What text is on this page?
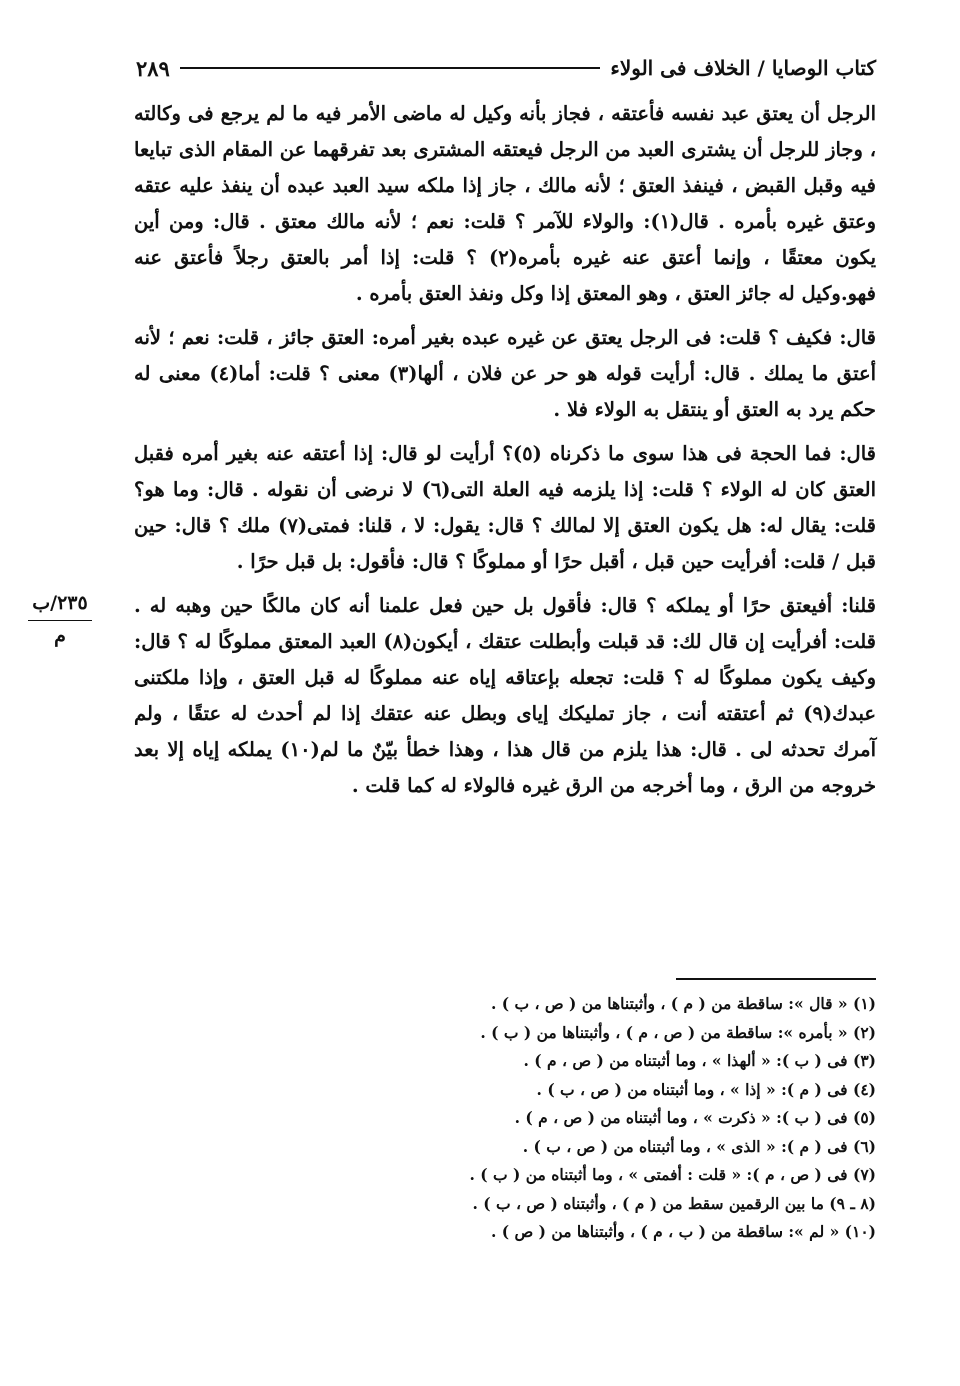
كتاب الوصايا / الخلاف فى الولاء
٢٨٩

الرجل أن يعتق عبد نفسه فأعتقه ، فجاز بأنه وكيل له ماضى الأمر فيه ما لم يرجع فى وكالته ، وجاز للرجل أن يشترى العبد من الرجل فيعتقه المشترى بعد تفرقهما عن المقام الذى تبايعا فيه وقبل القبض ، فينفذ العتق ؛ لأنه مالك ، جاز إذا ملكه سيد العبد عبده أن ينفذ عليه عتقه وعتق غيره بأمره . قال(١): والولاء للآمر ؟ قلت: نعم ؛ لأنه مالك معتق . قال: ومن أين يكون معتقًا ، وإنما أعتق عنه غيره بأمره(٢) ؟ قلت: إذا أمر بالعتق رجلاً فأعتق عنه فهو.وكيل له جائز العتق ، وهو المعتق إذا وكل ونفذ العتق بأمره .

قال: فكيف ؟ قلت: فى الرجل يعتق عن غيره عبده بغير أمره: العتق جائز ، قلت: نعم ؛ لأنه أعتق ما يملك . قال: أرأيت قوله هو حر عن فلان ، ألها(٣) معنى ؟ قلت: أما(٤) معنى له حكم يرد به العتق أو ينتقل به الولاء فلا .

قال: فما الحجة فى هذا سوى ما ذكرناه (٥)؟ أرأيت لو قال: إذا أعتقه عنه بغير أمره فقبل العتق كان له الولاء ؟ قلت: إذا يلزمه فيه العلة التى(٦) لا نرضى أن نقوله . قال: وما هو؟ قلت: يقال له: هل يكون العتق إلا لمالك ؟ قال: يقول: لا ، قلنا: فمتى(٧) ملك ؟ قال: حين قبل / قلت: أفرأيت حين قبل ، أقبل حرًا أو مملوكًا ؟ قال: فأقول: بل قبل حرًا .

قلنا: أفيعتق حرًا أو يملكه ؟ قال: فأقول بل حين فعل علمنا أنه كان مالكًا حين وهبه له . قلت: أفرأيت إن قال لك: قد قبلت وأبطلت عتقك ، أيكون(٨) العبد المعتق مملوكًا له ؟ قال: وكيف يكون مملوكًا له ؟ قلت: تجعله بإعتاقه إياه عنه مملوكًا له قبل العتق ، وإذا ملكتنى عبدك(٩) ثم أعتقته أنت ، جاز تمليكك إياى وبطل عنه عتقك إذا لم أحدث له عتقًا ، ولم آمرك تحدثه لى . قال: هذا يلزم من قال هذا ، وهذا خطأ بيّنٌ ما لم(١٠) يملكه إياه إلا بعد خروجه من الرق ، وما أخرجه من الرق غيره فالولاء له كما قلت .

٢٣٥/ب
م
(١) « قال »: ساقطة من ( م ) ، وأثبتناها من ( ص ، ب ) .
(٢) « بأمره »: ساقطة من ( ص ، م ) ، وأثبتناها من ( ب ) .
(٣) فى ( ب ): « ألهذا » ، وما أثبتناه من ( ص ، م ) .
(٤) فى ( م ): « إذا » ، وما أثبتناه من ( ص ، ب ) .
(٥) فى ( ب ): « ذكرت » ، وما أثبتناه من ( ص ، م ) .
(٦) فى ( م ): « الذى » ، وما أثبتناه من ( ص ، ب ) .
(٧) فى ( ص ، م ): « قلت : أفمتى » ، وما أثبتناه من ( ب ) .
(٨ ـ ٩) ما بين الرقمين سقط من ( م ) ، وأثبتناه ( ص ، ب ) .
(١٠) « لم »: ساقطة من ( ب ، م ) ، وأثبتناها من ( ص ) .
